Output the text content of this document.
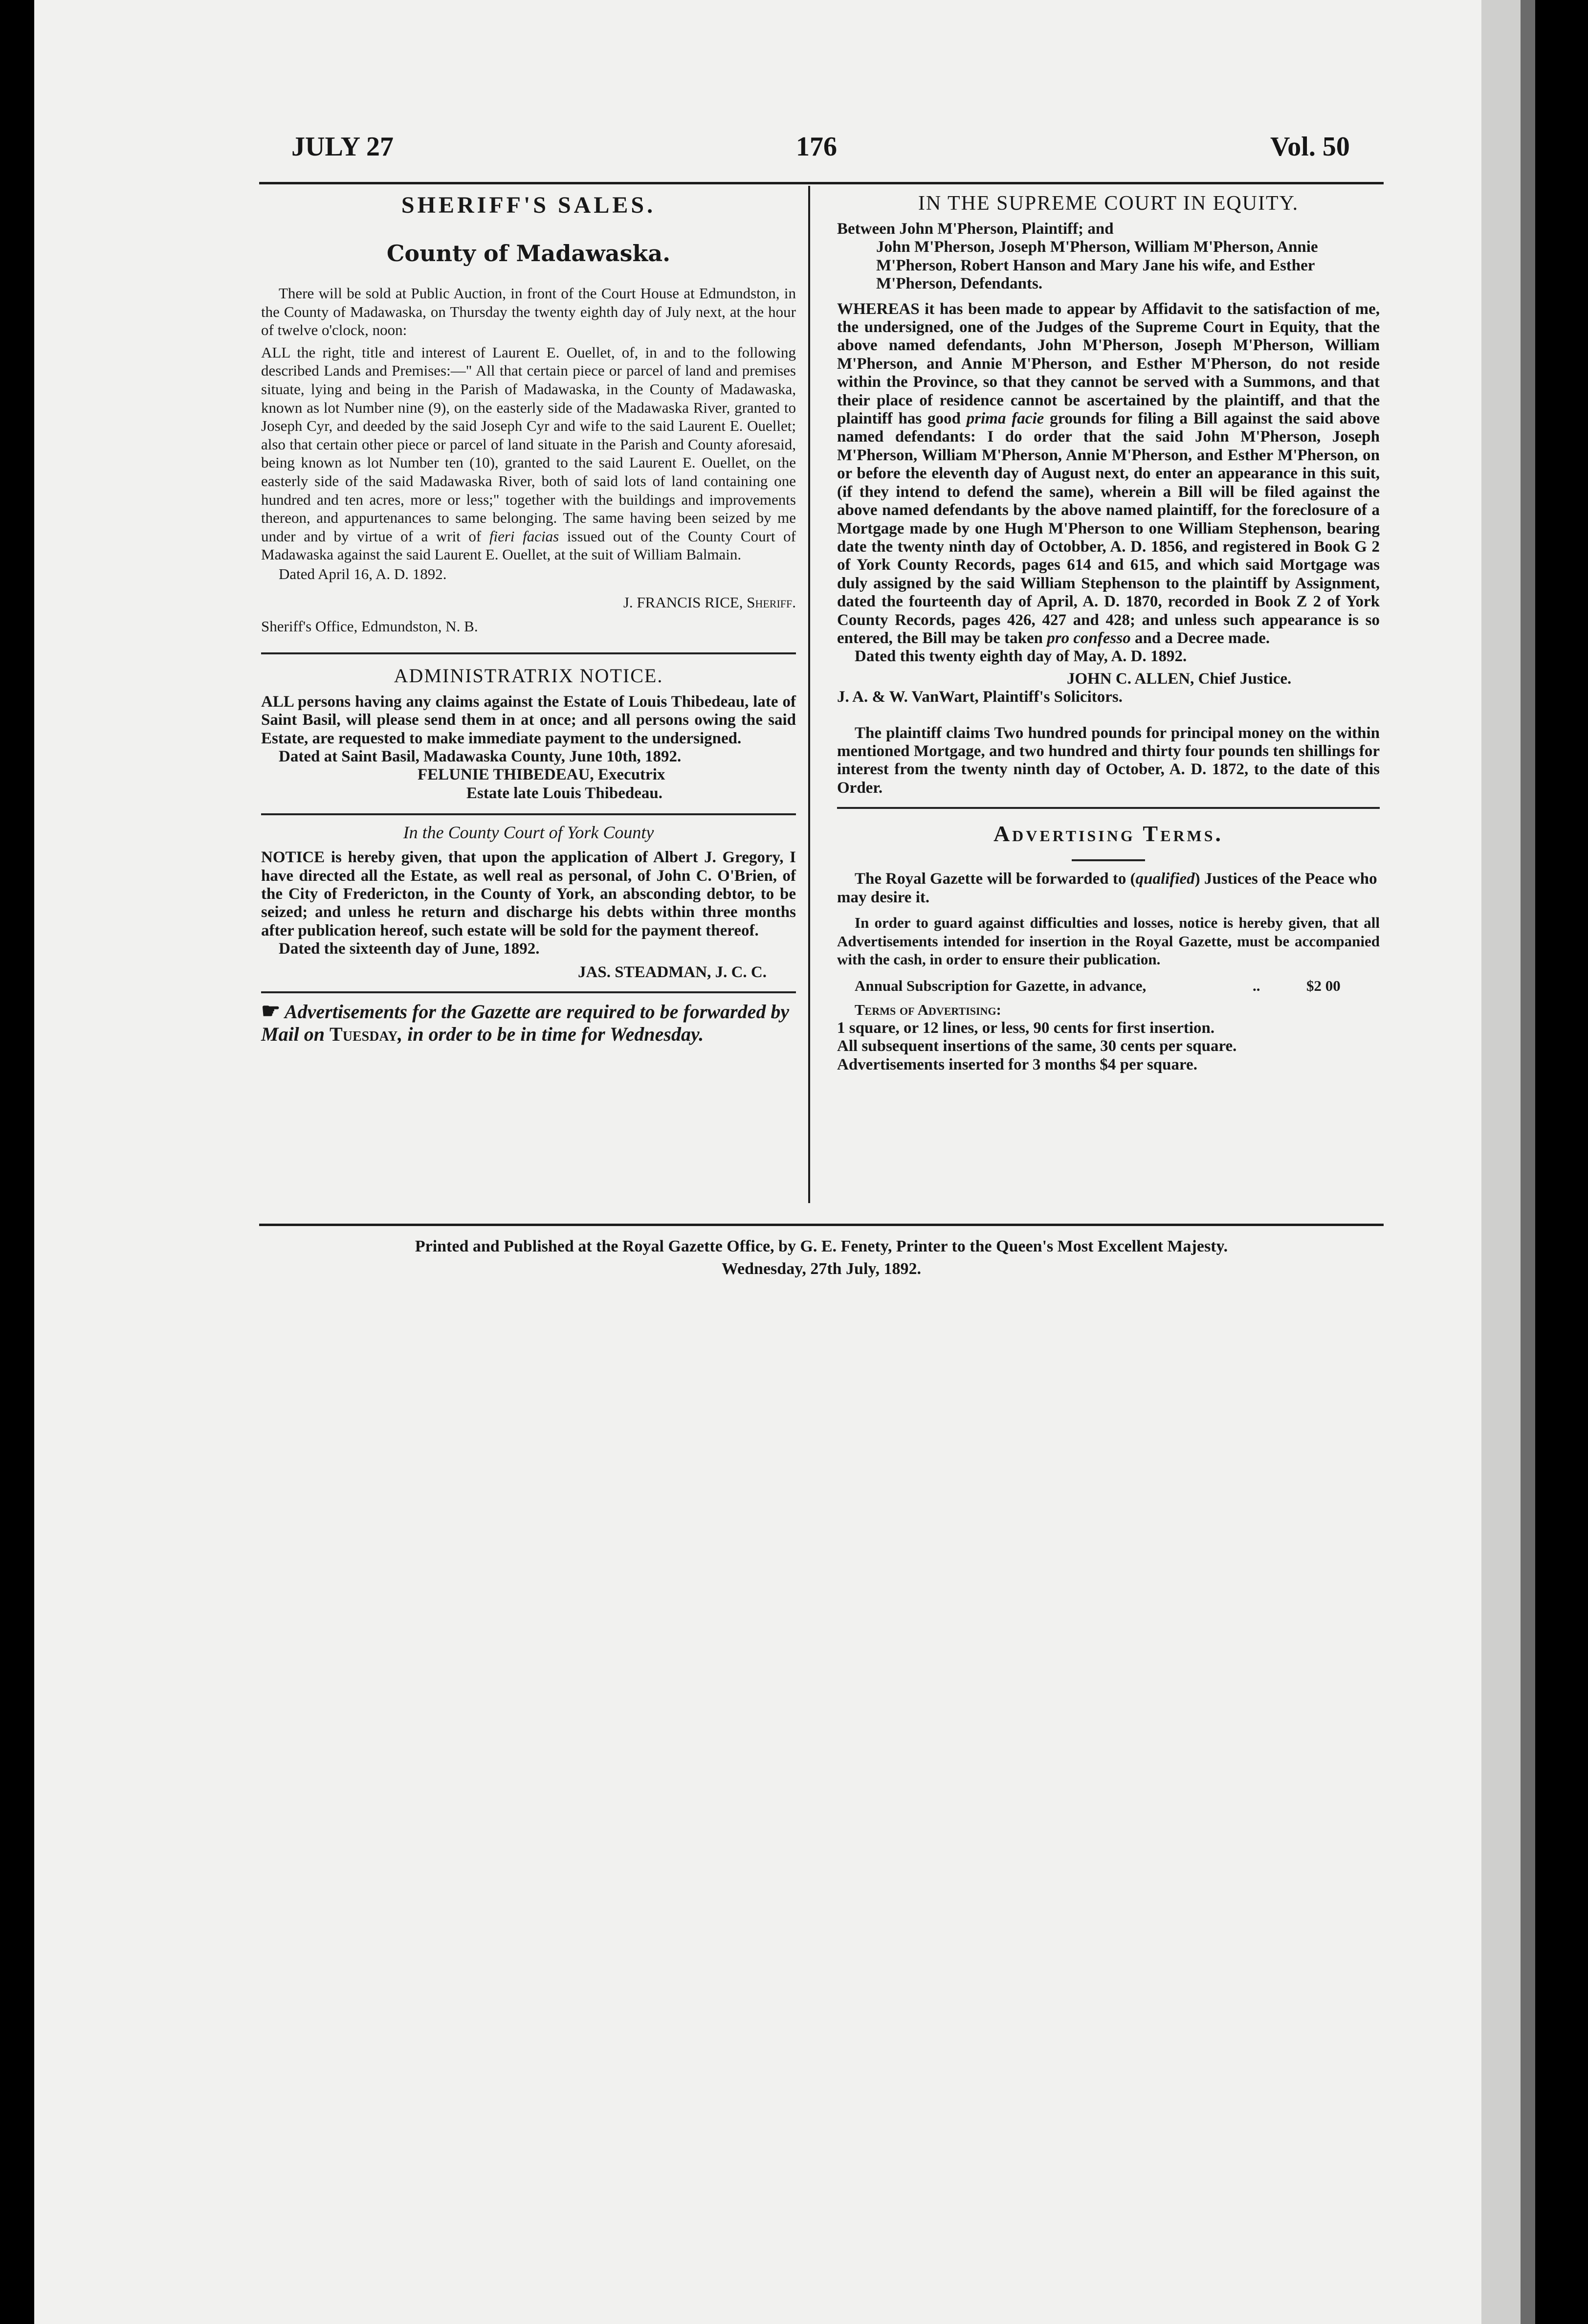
JULY 27	176	Vol. 50
SHERIFF'S SALES.
County of Madawaska.

There will be sold at Public Auction, in front of the Court House at Edmundston, in the County of Madawaska, on Thursday the twenty eighth day of July next, at the hour of twelve o'clock, noon:

ALL the right, title and interest of Laurent E. Ouellet, of, in and to the following described Lands and Premises:—" All that certain piece or parcel of land and premises situate, lying and being in the Parish of Madawaska, in the County of Madawaska, known as lot Number nine (9), on the easterly side of the Madawaska River, granted to Joseph Cyr, and deeded by the said Joseph Cyr and wife to the said Laurent E. Ouellet; also that certain other piece or parcel of land situate in the Parish and County aforesaid, being known as lot Number ten (10), granted to the said Laurent E. Ouellet, on the easterly side of the said Madawaska River, both of said lots of land containing one hundred and ten acres, more or less;" together with the buildings and improvements thereon, and appurtenances to same belonging. The same having been seized by me under and by virtue of a writ of fieri facias issued out of the County Court of Madawaska against the said Laurent E. Ouellet, at the suit of William Balmain.

Dated April 16, A. D. 1892.

J. FRANCIS RICE, Sheriff.

Sheriff's Office, Edmundston, N. B.

ADMINISTRATRIX NOTICE.

ALL persons having any claims against the Estate of Louis Thibedeau, late of Saint Basil, will please send them in at once; and all persons owing the said Estate, are requested to make immediate payment to the undersigned.

Dated at Saint Basil, Madawaska County, June 10th, 1892.

FELUNIE THIBEDEAU, Executrix

Estate late Louis Thibedeau.

In the County Court of York County

NOTICE is hereby given, that upon the application of Albert J. Gregory, I have directed all the Estate, as well real as personal, of John C. O'Brien, of the City of Fredericton, in the County of York, an absconding debtor, to be seized; and unless he return and discharge his debts within three months after publication hereof, such estate will be sold for the payment thereof.

Dated the sixteenth day of June, 1892.

JAS. STEADMAN, J. C. C.

☛ Advertisements for the Gazette are required to be forwarded by Mail on Tuesday, in order to be in time for Wednesday.

IN THE SUPREME COURT IN EQUITY.

Between John M'Pherson, Plaintiff; and

John M'Pherson, Joseph M'Pherson, William M'Pherson, Annie M'Pherson, Robert Hanson and Mary Jane his wife, and Esther M'Pherson, Defendants.

WHEREAS it has been made to appear by Affidavit to the satisfaction of me, the undersigned, one of the Judges of the Supreme Court in Equity, that the above named defendants, John M'Pherson, Joseph M'Pherson, William M'Pherson, and Annie M'Pherson, and Esther M'Pherson, do not reside within the Province, so that they cannot be served with a Summons, and that their place of residence cannot be ascertained by the plaintiff, and that the plaintiff has good prima facie grounds for filing a Bill against the said above named defendants: I do order that the said John M'Pherson, Joseph M'Pherson, William M'Pherson, Annie M'Pherson, and Esther M'Pherson, on or before the eleventh day of August next, do enter an appearance in this suit, (if they intend to defend the same), wherein a Bill will be filed against the above named defendants by the above named plaintiff, for the foreclosure of a Mortgage made by one Hugh M'Pherson to one William Stephenson, bearing date the twenty ninth day of Octobber, A. D. 1856, and registered in Book G 2 of York County Records, pages 614 and 615, and which said Mortgage was duly assigned by the said William Stephenson to the plaintiff by Assignment, dated the fourteenth day of April, A. D. 1870, recorded in Book Z 2 of York County Records, pages 426, 427 and 428; and unless such appearance is so entered, the Bill may be taken pro confesso and a Decree made.

Dated this twenty eighth day of May, A. D. 1892.

JOHN C. ALLEN, Chief Justice.

J. A. & W. VanWart, Plaintiff's Solicitors.

The plaintiff claims Two hundred pounds for principal money on the within mentioned Mortgage, and two hundred and thirty four pounds ten shillings for interest from the twenty ninth day of October, A. D. 1872, to the date of this Order.

Advertising Terms.

The Royal Gazette will be forwarded to (qualified) Justices of the Peace who may desire it.

In order to guard against difficulties and losses, notice is hereby given, that all Advertisements intended for insertion in the Royal Gazette, must be accompanied with the cash, in order to ensure their publication.

Annual Subscription for Gazette, in advance,	..	$2 00

Terms of Advertising:

1 square, or 12 lines, or less, 90 cents for first insertion.

All subsequent insertions of the same, 30 cents per square.

Advertisements inserted for 3 months $4 per square.

Printed and Published at the Royal Gazette Office, by G. E. Fenety, Printer to the Queen's Most Excellent Majesty.
Wednesday, 27th July, 1892.
